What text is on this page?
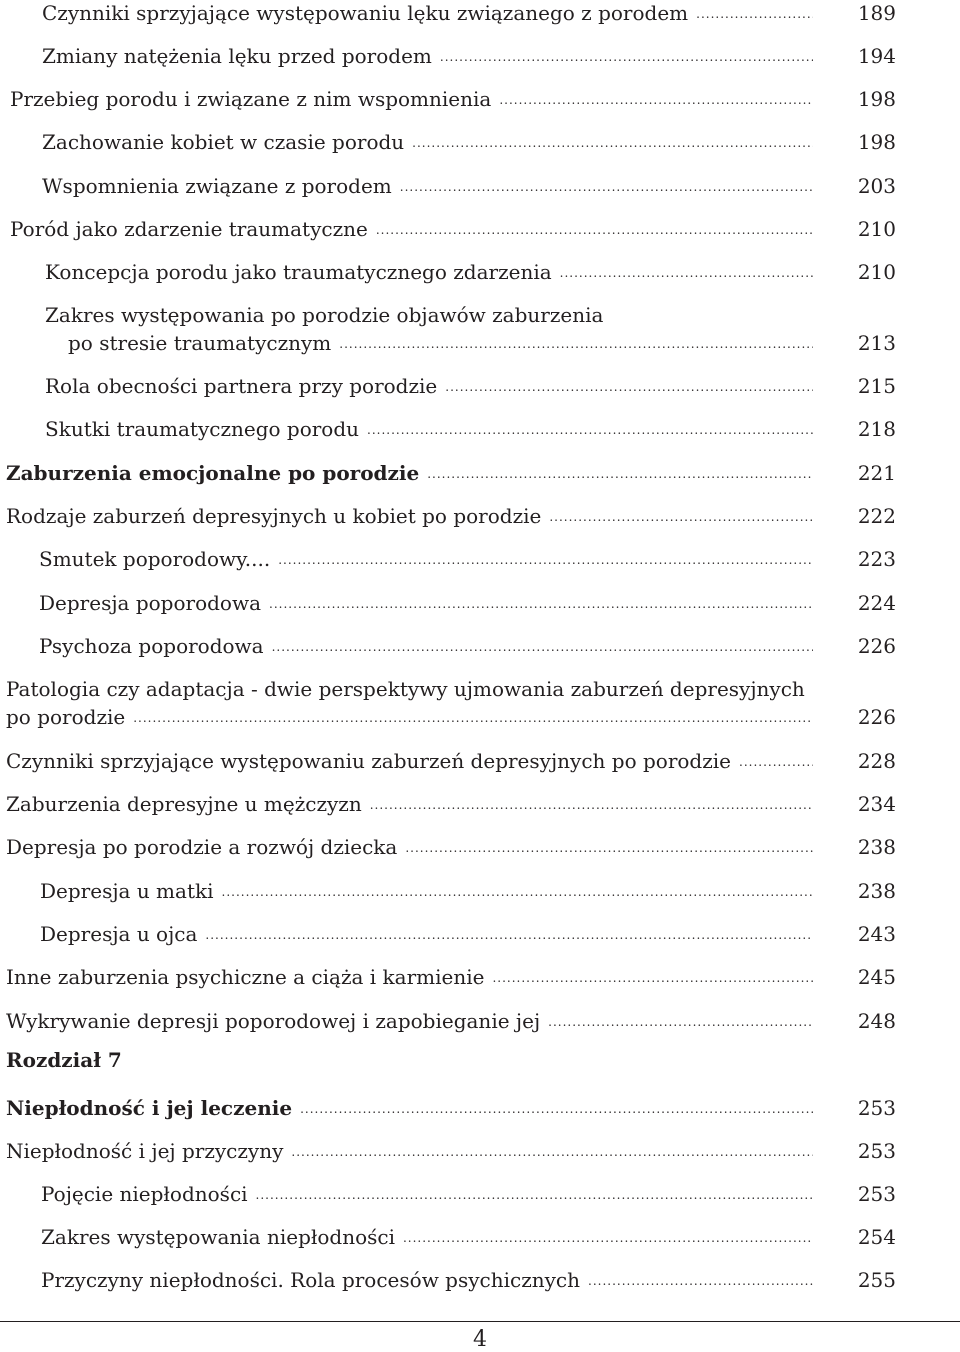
Czynniki sprzyjające występowaniu lęku związanego z porodem .....	189
Zmiany natężenia lęku przed porodem .....	194
Przebieg porodu i związane z nim wspomnienia .....	198
Zachowanie kobiet w czasie porodu .....	198
Wspomnienia związane z porodem .....	203
Poród jako zdarzenie traumatyczne .....	210
Koncepcja porodu jako traumatycznego zdarzenia .....	210
Zakres występowania po porodzie objawów zaburzenia
po stresie traumatycznym .....	213
Rola obecności partnera przy porodzie .....	215
Skutki traumatycznego porodu .....	218
Zaburzenia emocjonalne po porodzie .....	221
Rodzaje zaburzeń depresyjnych u kobiet po porodzie .....	222
Smutek poporodowy.... .....	223
Depresja poporodowa .....	224
Psychoza poporodowa .....	226
Patologia czy adaptacja - dwie perspektywy ujmowania zaburzeń depresyjnych
po porodzie .....	226
Czynniki sprzyjające występowaniu zaburzeń depresyjnych po porodzie .....	228
Zaburzenia depresyjne u mężczyzn .....	234
Depresja po porodzie a rozwój dziecka .....	238
Depresja u matki .....	238
Depresja u ojca .....	243
Inne zaburzenia psychiczne a ciąża i karmienie .....	245
Wykrywanie depresji poporodowej i zapobieganie jej .....	248
Rozdział 7
Niepłodność i jej leczenie .....	253
Niepłodność i jej przyczyny .....	253
Pojęcie niepłodności .....	253
Zakres występowania niepłodności .....	254
Przyczyny niepłodności. Rola procesów psychicznych .....	255
4
